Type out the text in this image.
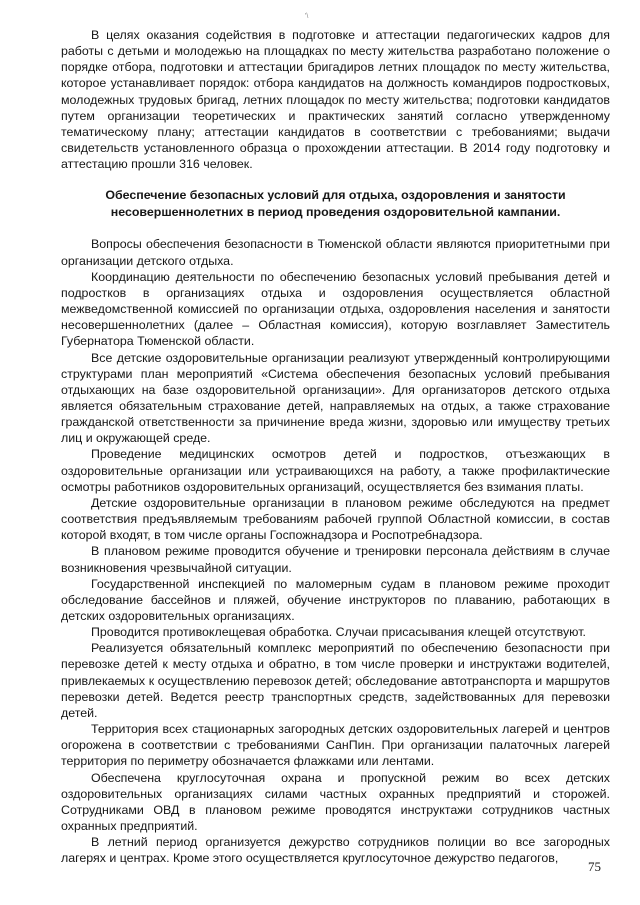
'\

В целях оказания содействия в подготовке и аттестации педагогических кадров для работы с детьми и молодежью на площадках по месту жительства разработано положение о порядке отбора, подготовки и аттестации бригадиров летних площадок по месту жительства, которое устанавливает порядок: отбора кандидатов на должность командиров подростковых, молодежных трудовых бригад, летних площадок по месту жительства; подготовки кандидатов путем организации теоретических и практических занятий согласно утвержденному тематическому плану; аттестации кандидатов в соответствии с требованиями; выдачи свидетельств установленного образца о прохождении аттестации. В 2014 году подготовку и аттестацию прошли 316 человек.

Обеспечение безопасных условий для отдыха, оздоровления и занятости
несовершеннолетних в период проведения оздоровительной кампании.

Вопросы обеспечения безопасности в Тюменской области являются приоритетными при организации детского отдыха.

Координацию деятельности по обеспечению безопасных условий пребывания детей и подростков в организациях отдыха и оздоровления осуществляется областной межведомственной комиссией по организации отдыха, оздоровления населения и занятости несовершеннолетних (далее – Областная комиссия), которую возглавляет Заместитель Губернатора Тюменской области.

Все детские оздоровительные организации реализуют утвержденный контролирующими структурами план мероприятий «Система обеспечения безопасных условий пребывания отдыхающих на базе оздоровительной организации». Для организаторов детского отдыха является обязательным страхование детей, направляемых на отдых, а также страхование гражданской ответственности за причинение вреда жизни, здоровью или имуществу третьих лиц и окружающей среде.

Проведение медицинских осмотров детей и подростков, отъезжающих в оздоровительные организации или устраивающихся на работу, а также профилактические осмотры работников оздоровительных организаций, осуществляется без взимания платы.

Детские оздоровительные организации в плановом режиме обследуются на предмет соответствия предъявляемым требованиям рабочей группой Областной комиссии, в состав которой входят, в том числе органы Госпожнадзора и Роспотребнадзора.

В плановом режиме проводится обучение и тренировки персонала действиям в случае возникновения чрезвычайной ситуации.

Государственной инспекцией по маломерным судам в плановом режиме проходит обследование бассейнов и пляжей, обучение инструкторов по плаванию, работающих в детских оздоровительных организациях.

Проводится противоклещевая обработка. Случаи присасывания клещей отсутствуют.

Реализуется обязательный комплекс мероприятий по обеспечению безопасности при перевозке детей к месту отдыха и обратно, в том числе проверки и инструктажи водителей, привлекаемых к осуществлению перевозок детей; обследование автотранспорта и маршрутов перевозки детей. Ведется реестр транспортных средств, задействованных для перевозки детей.

Территория всех стационарных загородных детских оздоровительных лагерей и центров огорожена в соответствии с требованиями СанПин. При организации палаточных лагерей территория по периметру обозначается флажками или лентами.

Обеспечена круглосуточная охрана и пропускной режим во всех детских оздоровительных организациях силами частных охранных предприятий и сторожей. Сотрудниками ОВД в плановом режиме проводятся инструктажи сотрудников частных охранных предприятий.

В летний период организуется дежурство сотрудников полиции во все загородных лагерях и центрах. Кроме этого осуществляется круглосуточное дежурство педагогов,

75
